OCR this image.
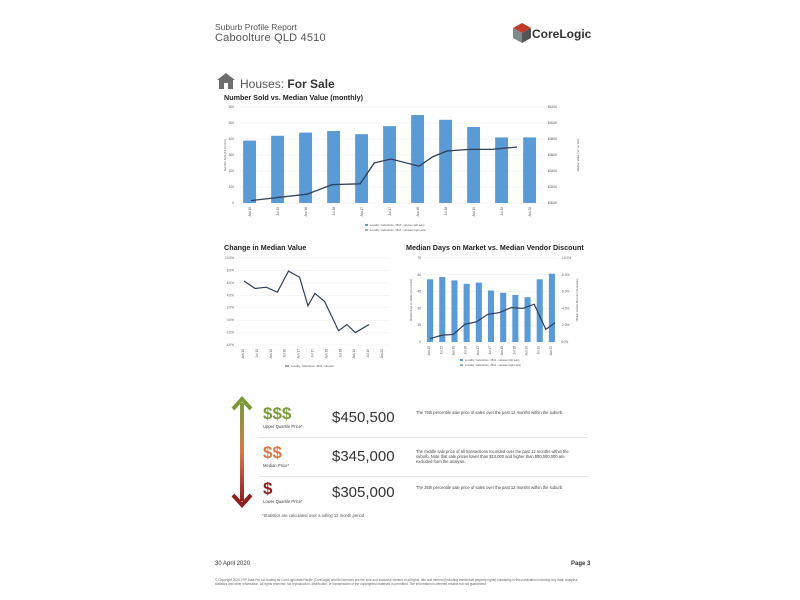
Suburb Profile Report
Caboolture QLD 4510	CoreLogic
Houses: For Sale
Number Sold vs. Median Value (monthly)
0
100
200
300
400
500
600
$300K
$320K
$340K
$360K
$380K
$400K
$420K
Jan 15	Jul 15	Jan 16	Jul 16	Jan 17	Jul 17	Jan 18	Jul 18	Jan 19	Jul 19	Jan 20
Number Sold (12 months)	Median Value (12 months)
Locality: Caboolture, 4510 - Houses (left axis)
Locality: Caboolture, 4510 - Houses (right axis)
Change in Median Value
-4.0%
-2.0%
0.0%
2.0%
4.0%
6.0%
8.0%
10.0%
Jan 15	Jul 15	Jan 16	Jul 16	Jan 17	Jul 17	Jan 18	Jul 18	Jan 19	Jul 19	Jan 20
Locality: Caboolture, 4510 - Houses
Median Days on Market vs. Median Vendor Discount
0
15
30
45
60
75
0.0%
-2.0%
-4.0%
-6.0%
-8.0%
-10.0%
Jan 15	Jul 15	Jan 16	Jul 16	Jan 17	Jul 17	Jan 18	Jul 18	Jan 19	Jul 19	Jan 20
Median Days on Market (12 months)	Median Vendor Discount (12 months)
Locality: Caboolture, 4510 - Houses (left axis)
Locality: Caboolture, 4510 - Houses (right axis)
$$$
Upper Quartile Price*
$450,500	The 75th percentile sale price of sales over the past 12 months within the suburb.
$$
Median Price*
$345,000	The middle sale price of all transactions recorded over the past 12 months within the suburb. Note that sale prices lower than $10,000 and higher than $80,000,000 are excluded from the analysis.
$
Lower Quartile Price*
$305,000	The 25th percentile sale price of sales over the past 12 months within the suburb.
*Statistics are calculated over a rolling 12 month period
30 April 2020	Page 3
© Copyright 2020 | RP Data Pty Ltd trading as CoreLogic Asia Pacific (CoreLogic) and its licensors are the sole and exclusive owners of all rights, title and interest (including intellectual property rights) subsisting in this publication including any data, analytics, statistics and other information. All rights reserved. No reproduction, distribution, or transmission of the copyrighted materials is permitted. The information is deemed reliable but not guaranteed.
